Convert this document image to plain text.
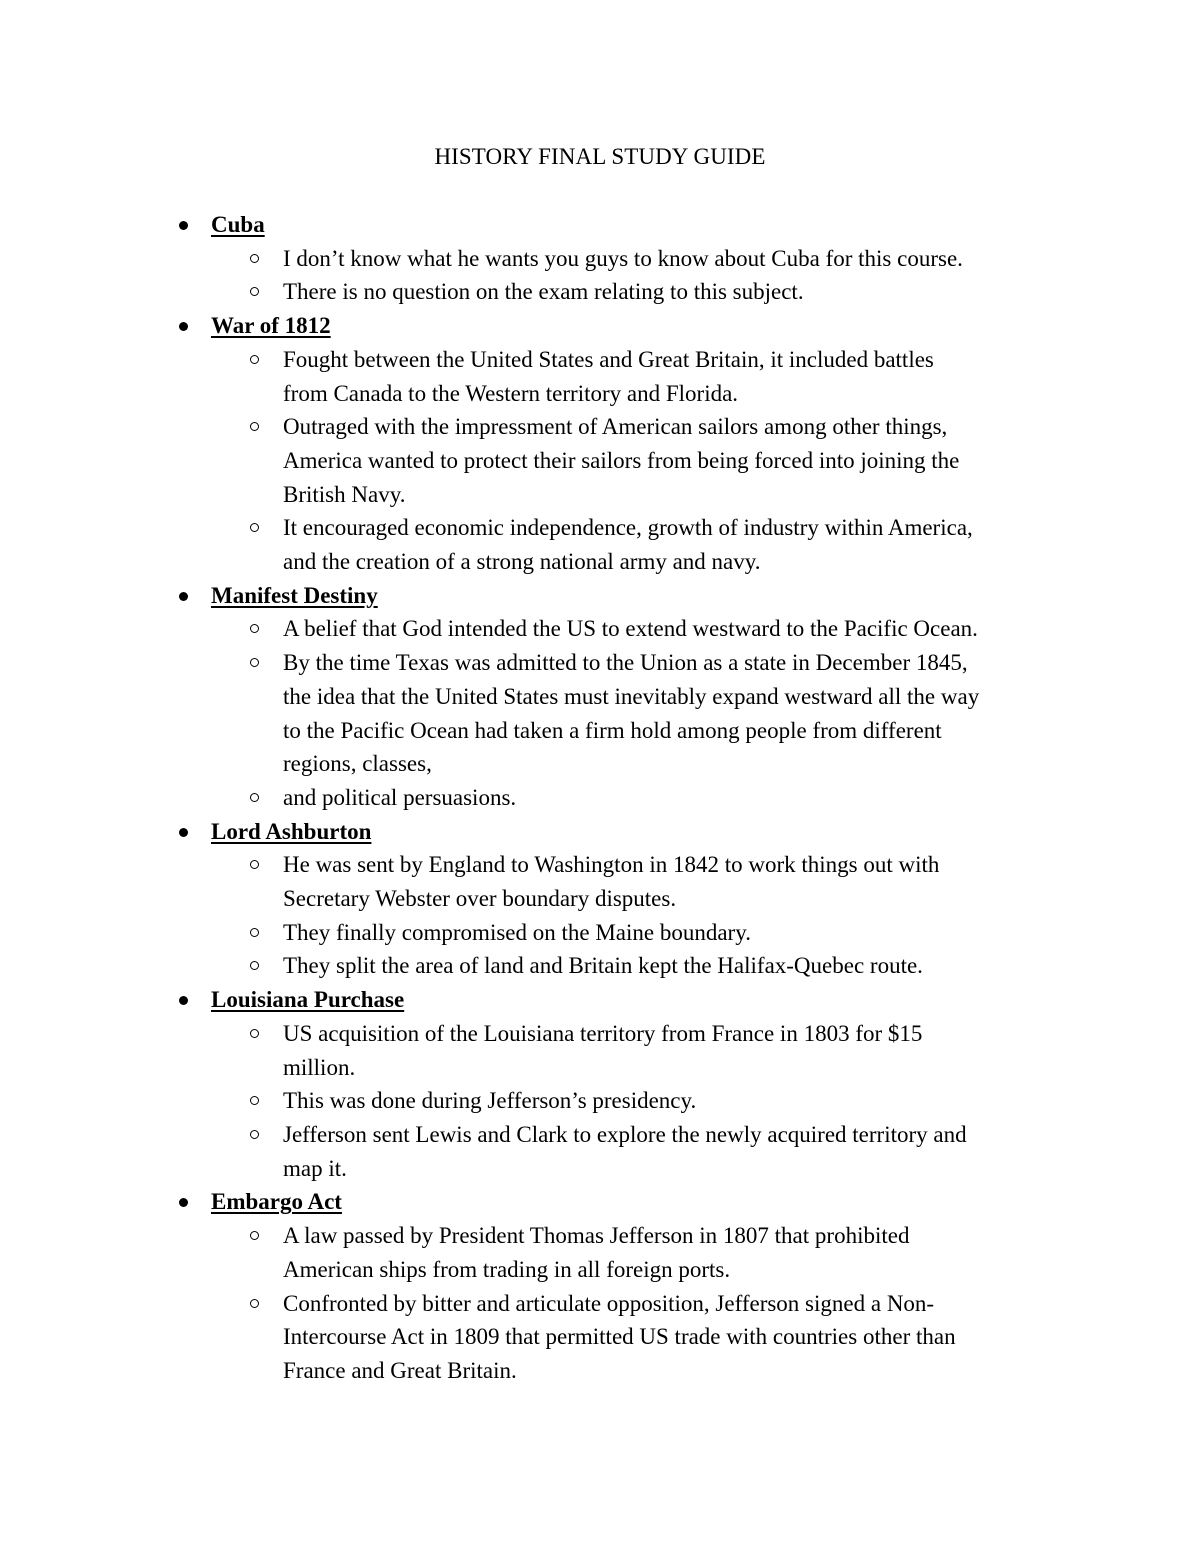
HISTORY FINAL STUDY GUIDE
Cuba
I don’t know what he wants you guys to know about Cuba for this course.
There is no question on the exam relating to this subject.
War of 1812
Fought between the United States and Great Britain, it included battles
from Canada to the Western territory and Florida.
Outraged with the impressment of American sailors among other things,
America wanted to protect their sailors from being forced into joining the
British Navy.
It encouraged economic independence, growth of industry within America,
and the creation of a strong national army and navy.
Manifest Destiny
A belief that God intended the US to extend westward to the Pacific Ocean.
By the time Texas was admitted to the Union as a state in December 1845,
the idea that the United States must inevitably expand westward all the way
to the Pacific Ocean had taken a firm hold among people from different
regions, classes,
and political persuasions.
Lord Ashburton
He was sent by England to Washington in 1842 to work things out with
Secretary Webster over boundary disputes.
They finally compromised on the Maine boundary.
They split the area of land and Britain kept the Halifax-Quebec route.
Louisiana Purchase
US acquisition of the Louisiana territory from France in 1803 for $15
million.
This was done during Jefferson’s presidency.
Jefferson sent Lewis and Clark to explore the newly acquired territory and
map it.
Embargo Act
A law passed by President Thomas Jefferson in 1807 that prohibited
American ships from trading in all foreign ports.
Confronted by bitter and articulate opposition, Jefferson signed a Non-
Intercourse Act in 1809 that permitted US trade with countries other than
France and Great Britain.
